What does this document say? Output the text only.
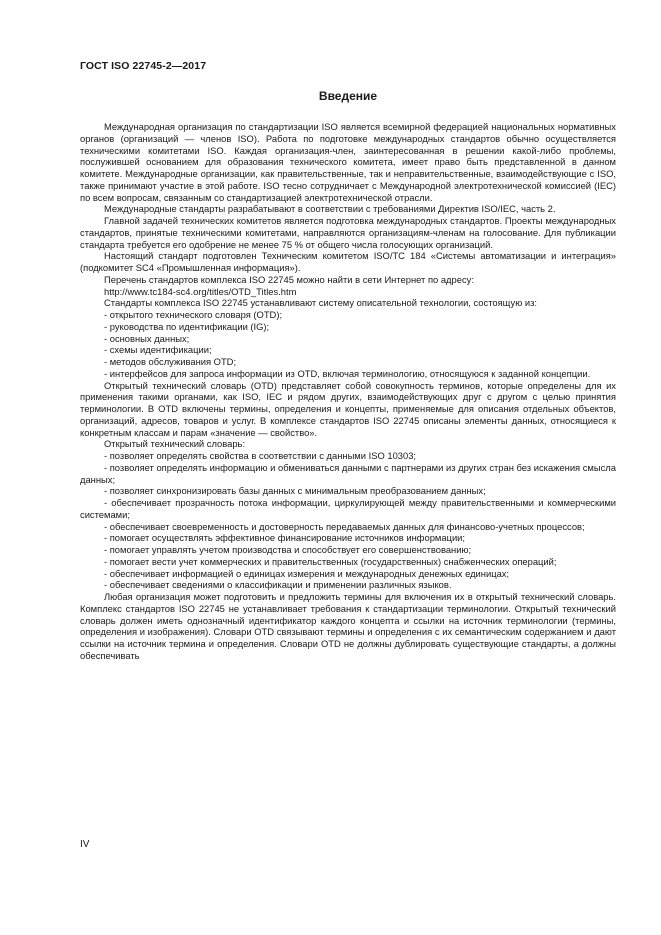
ГОСТ ISO 22745-2—2017
Введение

Международная организация по стандартизации ISO является всемирной федерацией национальных нормативных органов (организаций — членов ISO). Работа по подготовке международных стандартов обычно осуществляется техническими комитетами ISO. Каждая организация-член, заинтересованная в решении какой-либо проблемы, послужившей основанием для образования технического комитета, имеет право быть представленной в данном комитете. Международные организации, как правительственные, так и неправительственные, взаимодействующие с ISO, также принимают участие в этой работе. ISO тесно сотрудничает с Международной электротехнической комиссией (IEC) по всем вопросам, связанным со стандартизацией электротехнической отрасли.

Международные стандарты разрабатывают в соответствии с требованиями Директив ISO/IEC, часть 2.

Главной задачей технических комитетов является подготовка международных стандартов. Проекты международных стандартов, принятые техническими комитетами, направляются организациям-членам на голосование. Для публикации стандарта требуется его одобрение не менее 75 % от общего числа голосующих организаций.

Настоящий стандарт подготовлен Техническим комитетом ISO/TC 184 «Системы автоматизации и интеграция» (подкомитет SC4 «Промышленная информация»).

Перечень стандартов комплекса ISO 22745 можно найти в сети Интернет по адресу:

http://www.tc184-sc4.org/titles/OTD_Titles.htm

Стандарты комплекса ISO 22745 устанавливают систему описательной технологии, состоящую из:

- открытого технического словаря (OTD);

- руководства по идентификации (IG);

- основных данных;

- схемы идентификации;

- методов обслуживания OTD;

- интерфейсов для запроса информации из OTD, включая терминологию, относящуюся к заданной концепции.

Открытый технический словарь (OTD) представляет собой совокупность терминов, которые определены для их применения такими органами, как ISO, IEC и рядом других, взаимодействующих друг с другом с целью принятия терминологии. В OTD включены термины, определения и концепты, применяемые для описания отдельных объектов, организаций, адресов, товаров и услуг. В комплексе стандартов ISO 22745 описаны элементы данных, относящиеся к конкретным классам и парам «значение — свойство».

Открытый технический словарь:

- позволяет определять свойства в соответствии с данными ISO 10303;

- позволяет определять информацию и обмениваться данными с партнерами из других стран без искажения смысла данных;

- позволяет синхронизировать базы данных с минимальным преобразованием данных;

- обеспечивает прозрачность потока информации, циркулирующей между правительственными и коммерческими системами;

- обеспечивает своевременность и достоверность передаваемых данных для финансово-учетных процессов;

- помогает осуществлять эффективное финансирование источников информации;

- помогает управлять учетом производства и способствует его совершенствованию;

- помогает вести учет коммерческих и правительственных (государственных) снабженческих операций;

- обеспечивает информацией о единицах измерения и международных денежных единицах;

- обеспечивает сведениями о классификации и применении различных языков.

Любая организация может подготовить и предложить термины для включения их в открытый технический словарь. Комплекс стандартов ISO 22745 не устанавливает требования к стандартизации терминологии. Открытый технический словарь должен иметь однозначный идентификатор каждого концепта и ссылки на источник терминологии (термины, определения и изображения). Словари OTD связывают термины и определения с их семантическим содержанием и дают ссылки на источник термина и определения. Словари OTD не должны дублировать существующие стандарты, а должны обеспечивать

IV
